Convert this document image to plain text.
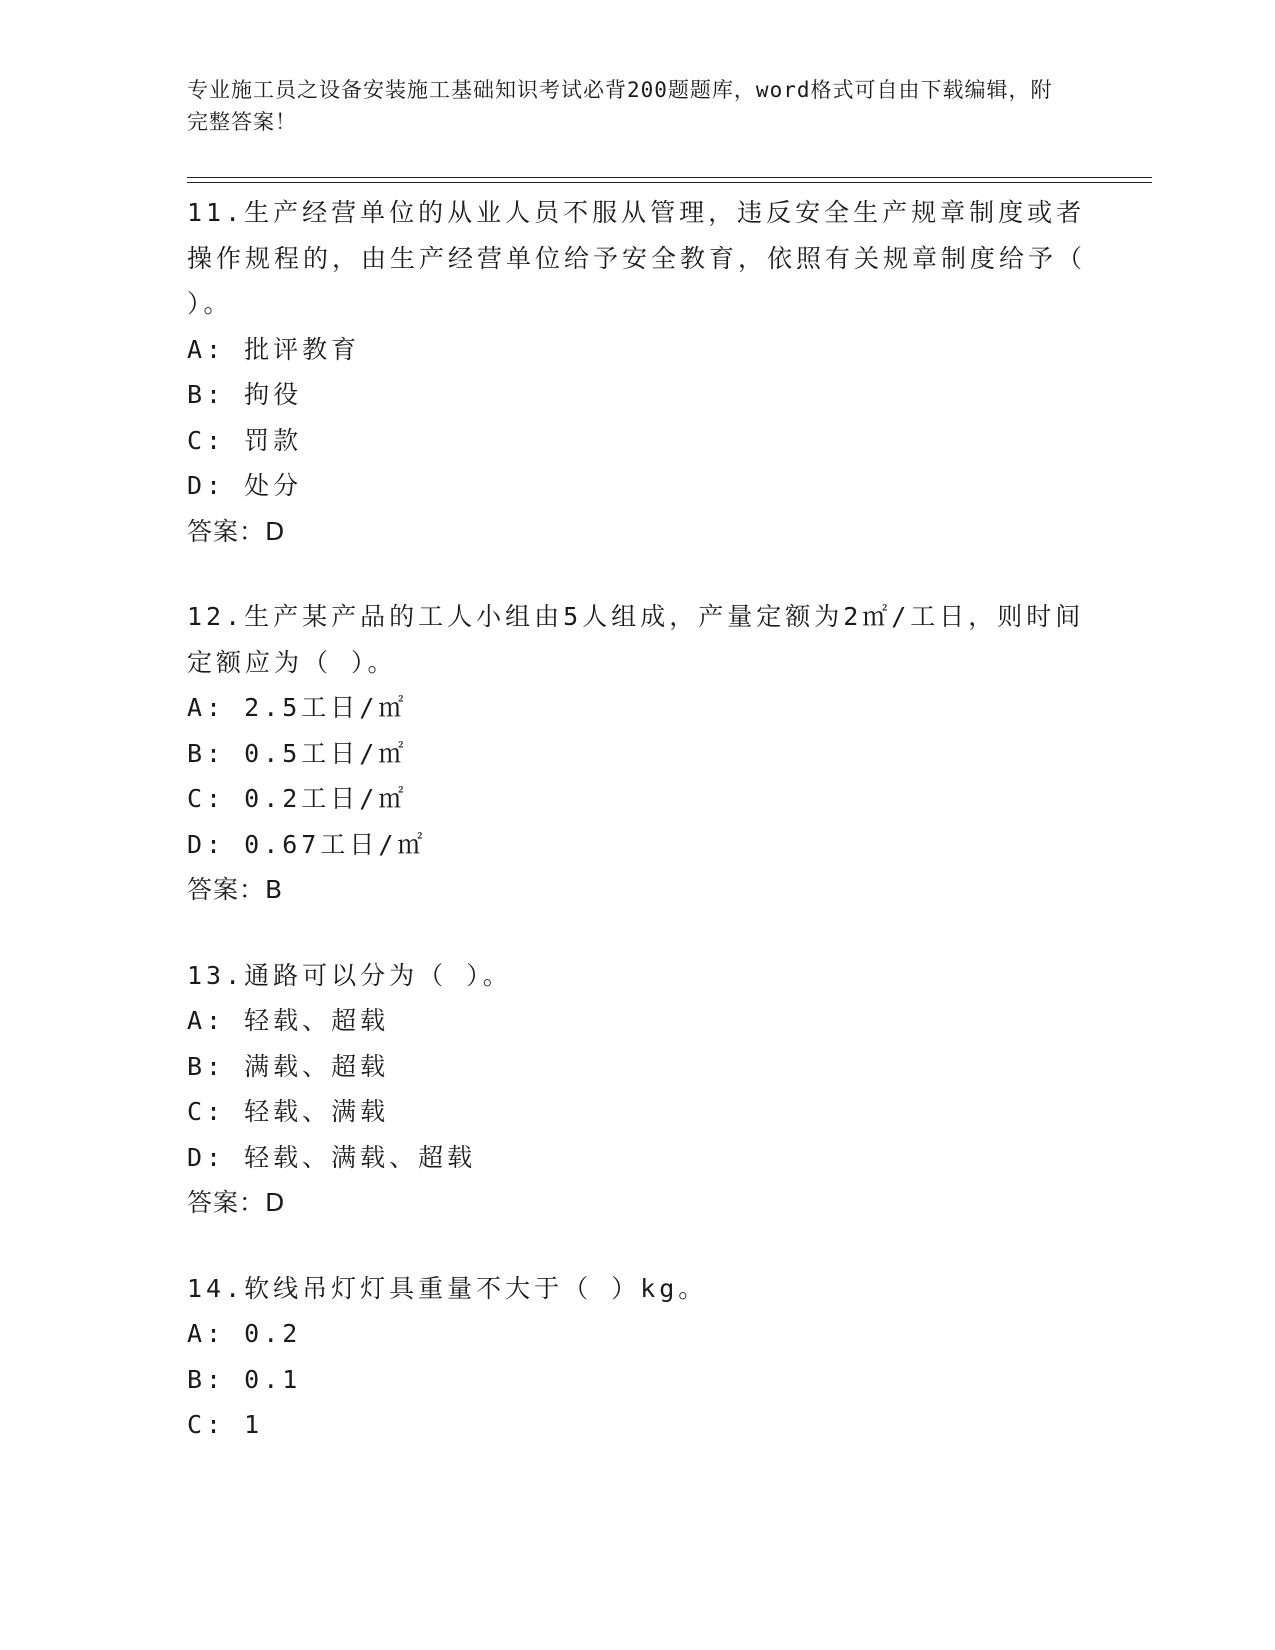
专业施工员之设备安装施工基础知识考试必背200题题库，word格式可自由下载编辑，附完整答案！

11.生产经营单位的从业人员不服从管理，违反安全生产规章制度或者操作规程的，由生产经营单位给予安全教育，依照有关规章制度给予（ ）。

A: 批评教育

B: 拘役

C: 罚款

D: 处分

答案：D

12.生产某产品的工人小组由5人组成，产量定额为2㎡/工日，则时间定额应为（ ）。

A: 2.5工日/㎡

B: 0.5工日/㎡

C: 0.2工日/㎡

D: 0.67工日/㎡

答案：B

13.通路可以分为（ ）。

A: 轻载、超载

B: 满载、超载

C: 轻载、满载

D: 轻载、满载、超载

答案：D

14.软线吊灯灯具重量不大于（ ）kg。

A: 0.2

B: 0.1

C: 1
